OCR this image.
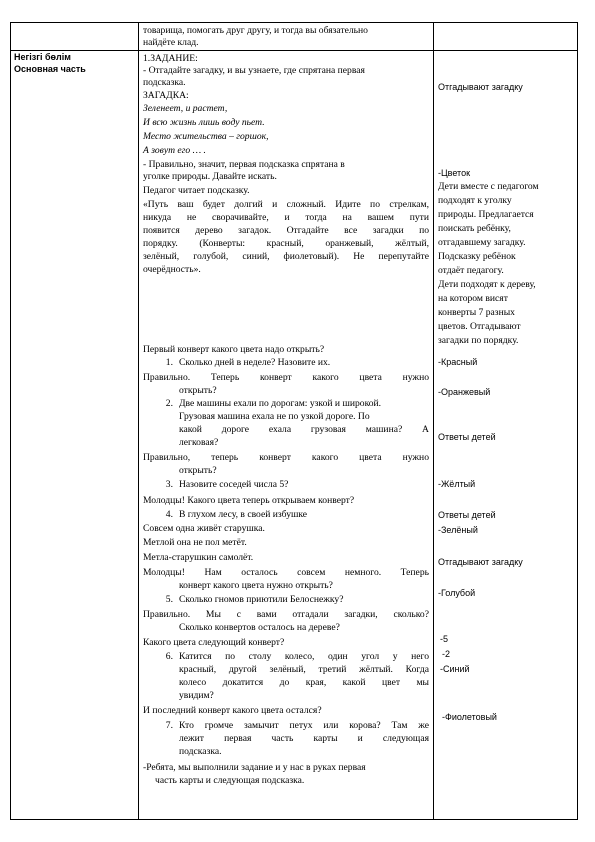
товарища, помогать друг другу, и тогда вы обязательно
найдёте клад.
Негізгі бөлім
Основная часть
1.ЗАДАНИЕ:
- Отгадайте загадку, и вы узнаете, где спрятана первая
подсказка.
ЗАГАДКА:
Зеленеет, и растет,
И всю жизнь лишь воду пьет.
Место жительства – горшок,
А зовут его … .
- Правильно, значит, первая подсказка спрятана в
уголке природы. Давайте искать.
Педагог читает подсказку.
«Путь ваш будет долгий и сложный. Идите по стрелкам,
никуда не сворачивайте, и тогда на вашем пути
появится дерево загадок. Отгадайте все загадки по
порядку. (Конверты: красный, оранжевый, жёлтый,
зелёный, голубой, синий, фиолетовый). Не перепутайте
очерёдность».
Первый конверт какого цвета надо открыть?
1. Сколько дней в неделе? Назовите их.
Правильно. Теперь конверт какого цвета нужно
открыть?
2. Две машины ехали по дорогам: узкой и широкой.
Грузовая машина ехала не по узкой дороге. По
какой дороге ехала грузовая машина? А
легковая?
Правильно, теперь конверт какого цвета нужно
открыть?
3. Назовите соседей числа 5?
Молодцы! Какого цвета теперь открываем конверт?
4. В глухом лесу, в своей избушке
Совсем одна живёт старушка.
Метлой она не пол метёт.
Метла-старушкин самолёт.
Молодцы! Нам осталось совсем немного. Теперь
конверт какого цвета нужно открыть?
5. Сколько гномов приютили Белоснежку?
Правильно. Мы с вами отгадали загадки, сколько?
Сколько конвертов осталось на дереве?
Какого цвета следующий конверт?
6. Катится по столу колесо, один угол у него
красный, другой зелёный, третий жёлтый. Когда
колесо докатится до края, какой цвет мы
увидим?
И последний конверт какого цвета остался?
7. Кто громче замычит петух или корова? Там же
лежит первая часть карты и следующая
подсказка.
-Ребята, мы выполнили задание и у нас в руках первая
часть карты и следующая подсказка.
Отгадывают загадку
-Цветок
Дети вместе с педагогом
подходят к уголку
природы. Предлагается
поискать ребёнку,
отгадавшему загадку.
Подсказку ребёнок
отдаёт педагогу.
Дети подходят к дереву,
на котором висят
конверты 7 разных
цветов. Отгадывают
загадки по порядку.
-Красный
-Оранжевый
Ответы детей
-Жёлтый
Ответы детей
-Зелёный
Отгадывают загадку
-Голубой
-5
-2
-Синий
-Фиолетовый
